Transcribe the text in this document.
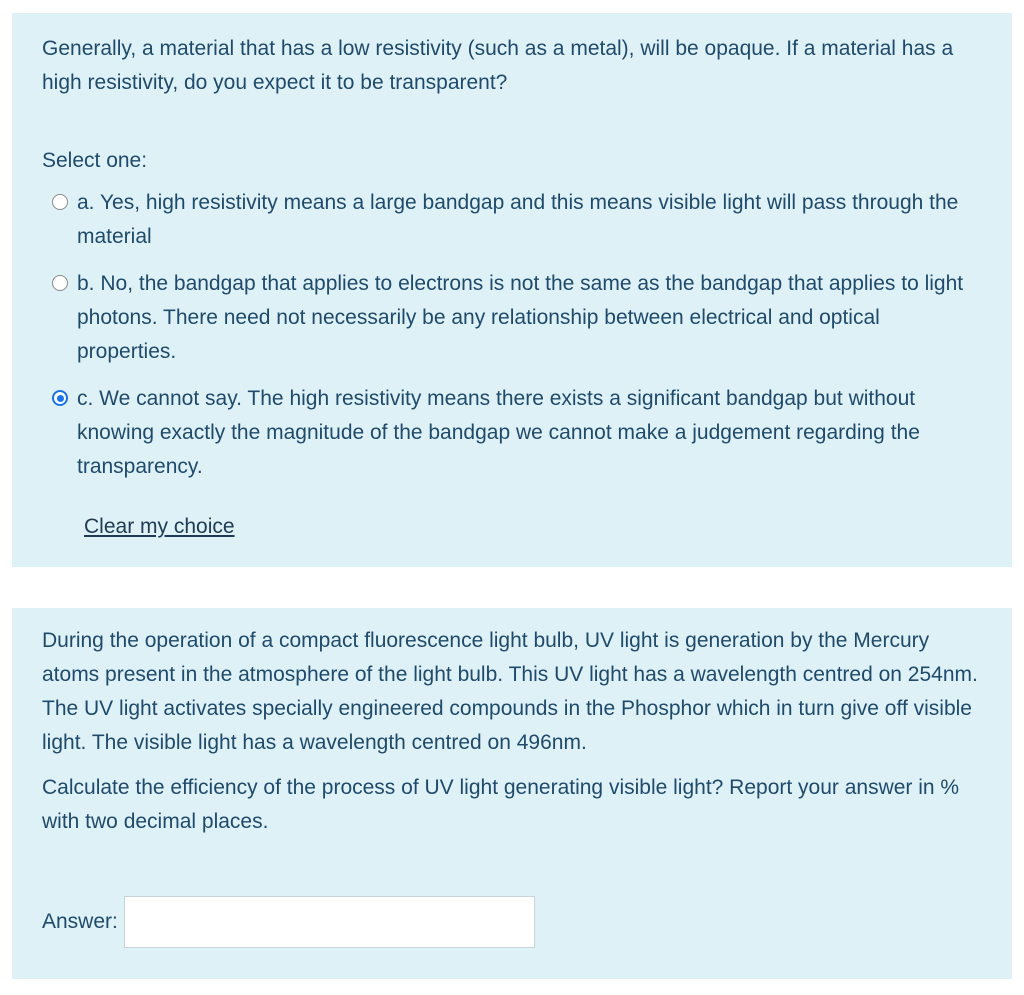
Generally, a material that has a low resistivity (such as a metal), will be opaque. If a material has a high resistivity, do you expect it to be transparent?

Select one:
a. Yes, high resistivity means a large bandgap and this means visible light will pass through the material
b. No, the bandgap that applies to electrons is not the same as the bandgap that applies to light photons. There need not necessarily be any relationship between electrical and optical properties.
c. We cannot say. The high resistivity means there exists a significant bandgap but without knowing exactly the magnitude of the bandgap we cannot make a judgement regarding the transparency.
Clear my choice

During the operation of a compact fluorescence light bulb, UV light is generation by the Mercury atoms present in the atmosphere of the light bulb. This UV light has a wavelength centred on 254nm. The UV light activates specially engineered compounds in the Phosphor which in turn give off visible light. The visible light has a wavelength centred on 496nm.

Calculate the efficiency of the process of UV light generating visible light? Report your answer in % with two decimal places.

Answer:
